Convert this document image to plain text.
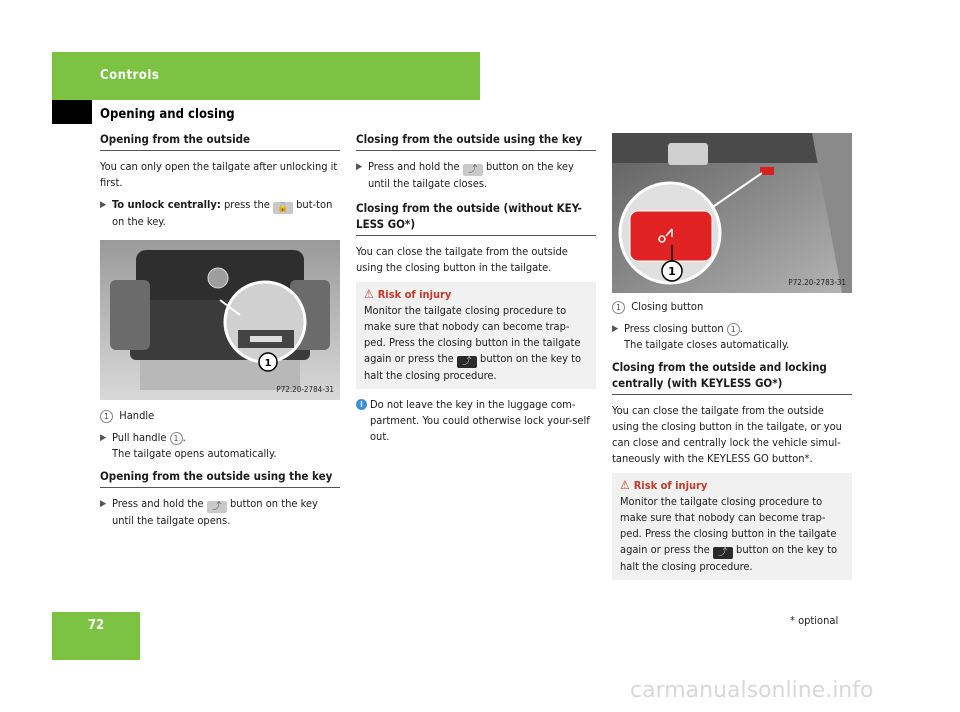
Controls
Opening and closing
Opening from the outside

You can only open the tailgate after unlocking it first.

▶ To unlock centrally: press the 🔓 but-ton on the key.
1
P72.20-2784-31

1 Handle

▶ Pull handle 1 .
The tailgate opens automatically.
Opening from the outside using the key
▶ Press and hold the ⤴ button on the key until the tailgate opens.
Closing from the outside using the key
▶ Press and hold the ⤴ button on the key until the tailgate closes.
Closing from the outside (without KEY-LESS GO*)

You can close the tailgate from the outside using the closing button in the tailgate.

⚠ Risk of injury
Monitor the tailgate closing procedure to make sure that nobody can become trap-ped. Press the closing button in the tailgate again or press the ⤴ button on the key to halt the closing procedure.
i Do not leave the key in the luggage com-partment. You could otherwise lock your-self out.
1
P72.20-2783-31

1 Closing button

▶ Press closing button 1 .
The tailgate closes automatically.
Closing from the outside and locking centrally (with KEYLESS GO*)

You can close the tailgate from the outside using the closing button in the tailgate, or you can close and centrally lock the vehicle simul-taneously with the KEYLESS GO button*.

⚠ Risk of injury
Monitor the tailgate closing procedure to make sure that nobody can become trap-ped. Press the closing button in the tailgate again or press the ⤴ button on the key to halt the closing procedure.
72	* optional
carmanualsonline.info
